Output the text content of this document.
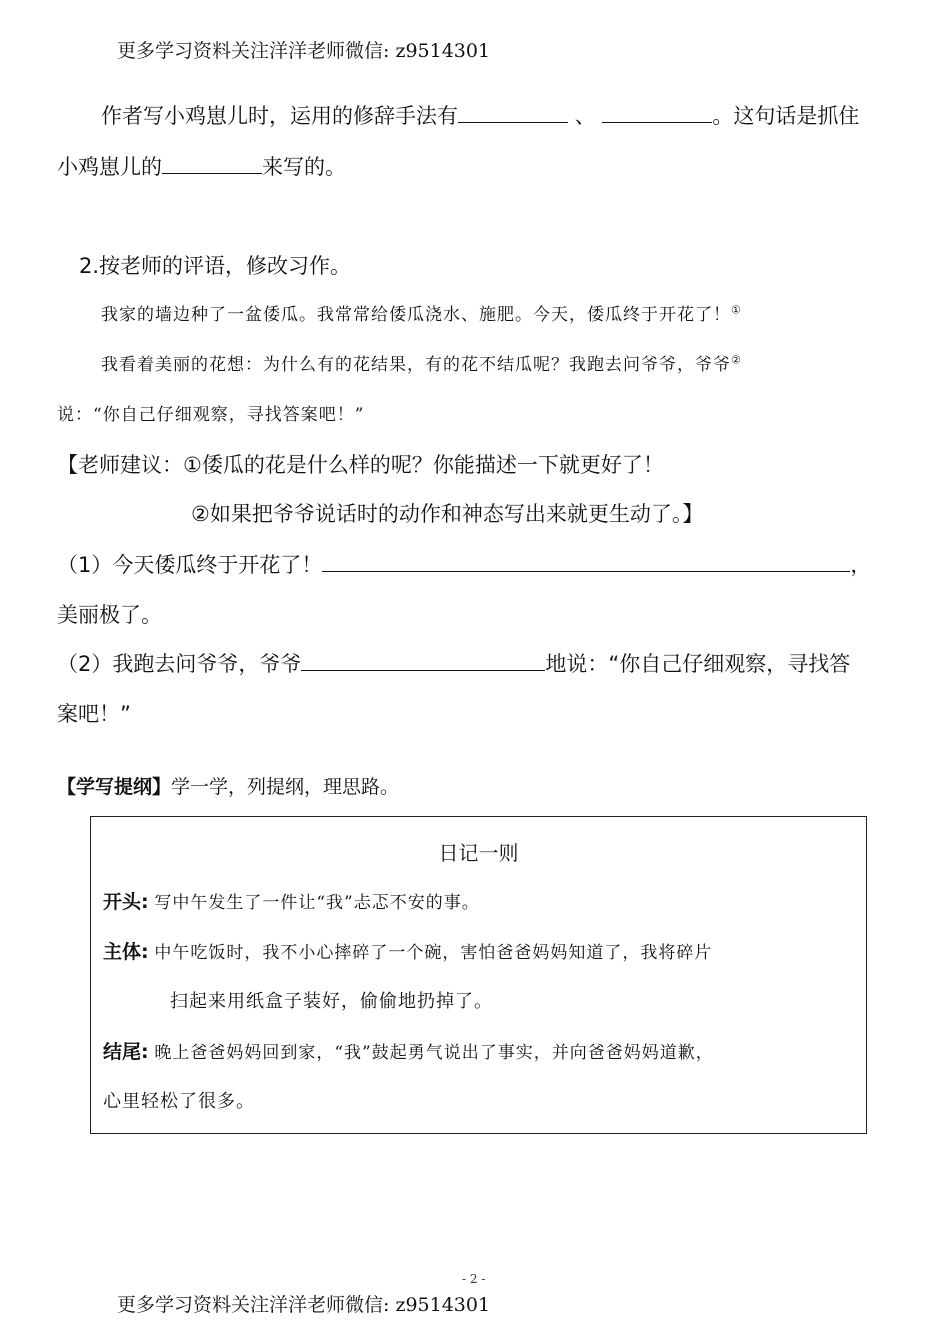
更多学习资料关注洋洋老师微信: z9514301
作者写小鸡崽儿时，运用的修辞手法有	、	。这句话是抓住
小鸡崽儿的	来写的。
2.按老师的评语，修改习作。
我家的墙边种了一盆倭瓜。我常常给倭瓜浇水、施肥。今天，倭瓜终于开花了！①
我看着美丽的花想：为什么有的花结果，有的花不结瓜呢？我跑去问爷爷，爷爷②
说：“你自己仔细观察，寻找答案吧！”
【老师建议：①倭瓜的花是什么样的呢？你能描述一下就更好了！
②如果把爷爷说话时的动作和神态写出来就更生动了。】
（1）今天倭瓜终于开花了！	，
美丽极了。
（2）我跑去问爷爷，爷爷	地说：“你自己仔细观察，寻找答
案吧！”
【学写提纲】学一学，列提纲，理思路。
日记一则
开头: 写中午发生了一件让“我”忐忑不安的事。
主体: 中午吃饭时，我不小心摔碎了一个碗，害怕爸爸妈妈知道了，我将碎片
扫起来用纸盒子装好，偷偷地扔掉了。
结尾: 晚上爸爸妈妈回到家，“我”鼓起勇气说出了事实，并向爸爸妈妈道歉，
心里轻松了很多。
- 2 -
更多学习资料关注洋洋老师微信: z9514301
